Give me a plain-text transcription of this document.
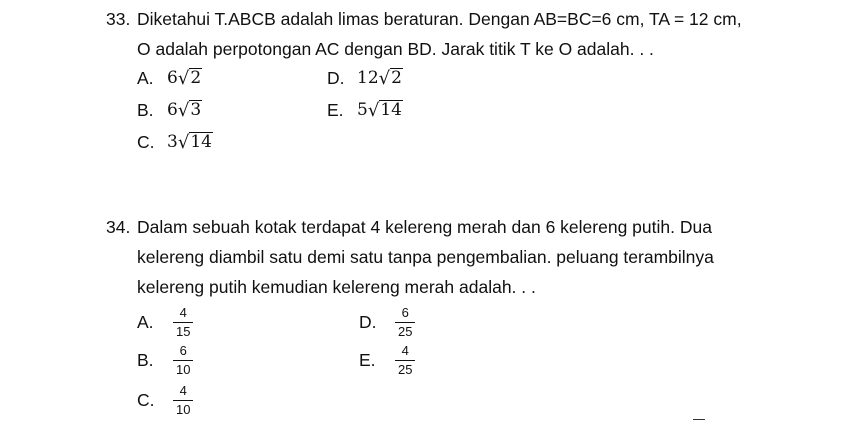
33. Diketahui T.ABCB adalah limas beraturan. Dengan AB=BC=6 cm, TA = 12 cm,
O adalah perpotongan AC dengan BD. Jarak titik T ke O adalah. . .
A. 6 √ 2
B. 6 √ 3
C. 3 √ 14
D. 12 √ 2
E. 5 √ 14
34. Dalam sebuah kotak terdapat 4 kelereng merah dan 6 kelereng putih. Dua
kelereng diambil satu demi satu tanpa pengembalian. peluang terambilnya
kelereng putih kemudian kelereng merah adalah. . .
A.	$\frac{4}{15}$
B.	$\frac{6}{10}$
C.	$\frac{4}{10}$
D.	$\frac{6}{25}$
E.	$\frac{4}{25}$
